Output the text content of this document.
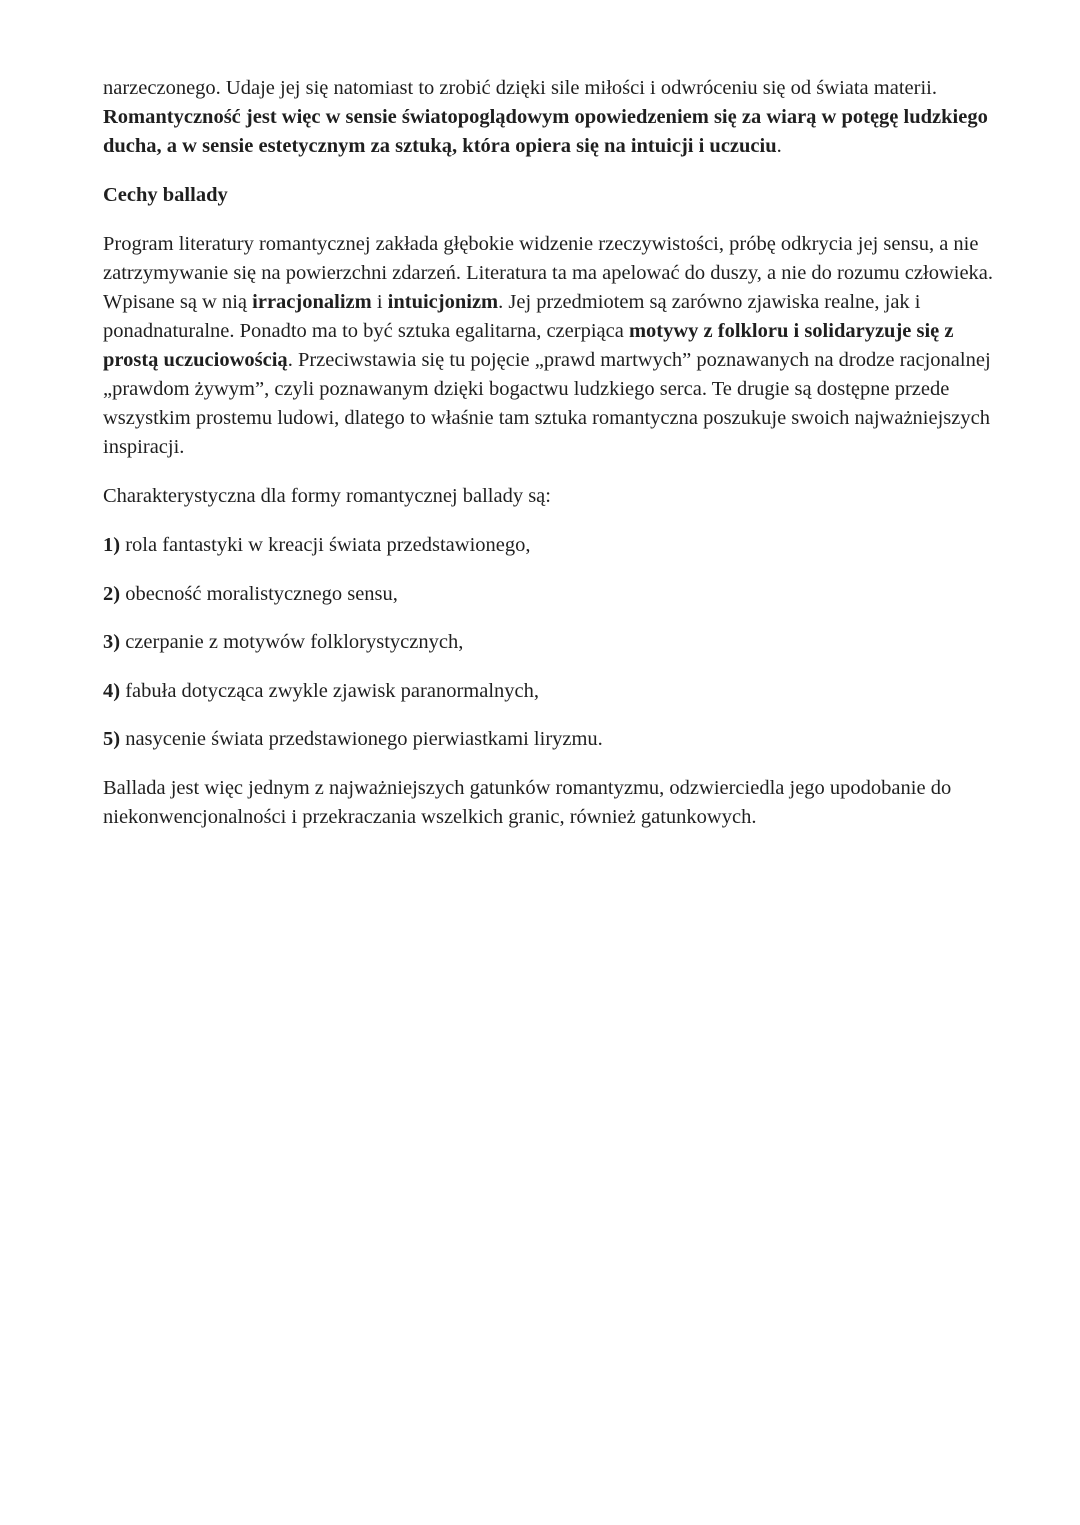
narzeczonego. Udaje jej się natomiast to zrobić dzięki sile miłości i odwróceniu się od świata materii. Romantyczność jest więc w sensie światopoglądowym opowiedzeniem się za wiarą w potęgę ludzkiego ducha, a w sensie estetycznym za sztuką, która opiera się na intuicji i uczuciu.

Cechy ballady

Program literatury romantycznej zakłada głębokie widzenie rzeczywistości, próbę odkrycia jej sensu, a nie zatrzymywanie się na powierzchni zdarzeń. Literatura ta ma apelować do duszy, a nie do rozumu człowieka. Wpisane są w nią irracjonalizm i intuicjonizm. Jej przedmiotem są zarówno zjawiska realne, jak i ponadnaturalne. Ponadto ma to być sztuka egalitarna, czerpiąca motywy z folkloru i solidaryzuje się z prostą uczuciowością. Przeciwstawia się tu pojęcie „prawd martwych” poznawanych na drodze racjonalnej „prawdom żywym”, czyli poznawanym dzięki bogactwu ludzkiego serca. Te drugie są dostępne przede wszystkim prostemu ludowi, dlatego to właśnie tam sztuka romantyczna poszukuje swoich najważniejszych inspiracji.

Charakterystyczna dla formy romantycznej ballady są:

1) rola fantastyki w kreacji świata przedstawionego,

2) obecność moralistycznego sensu,

3) czerpanie z motywów folklorystycznych,

4) fabuła dotycząca zwykle zjawisk paranormalnych,

5) nasycenie świata przedstawionego pierwiastkami liryzmu.

Ballada jest więc jednym z najważniejszych gatunków romantyzmu, odzwierciedla jego upodobanie do niekonwencjonalności i przekraczania wszelkich granic, również gatunkowych.
